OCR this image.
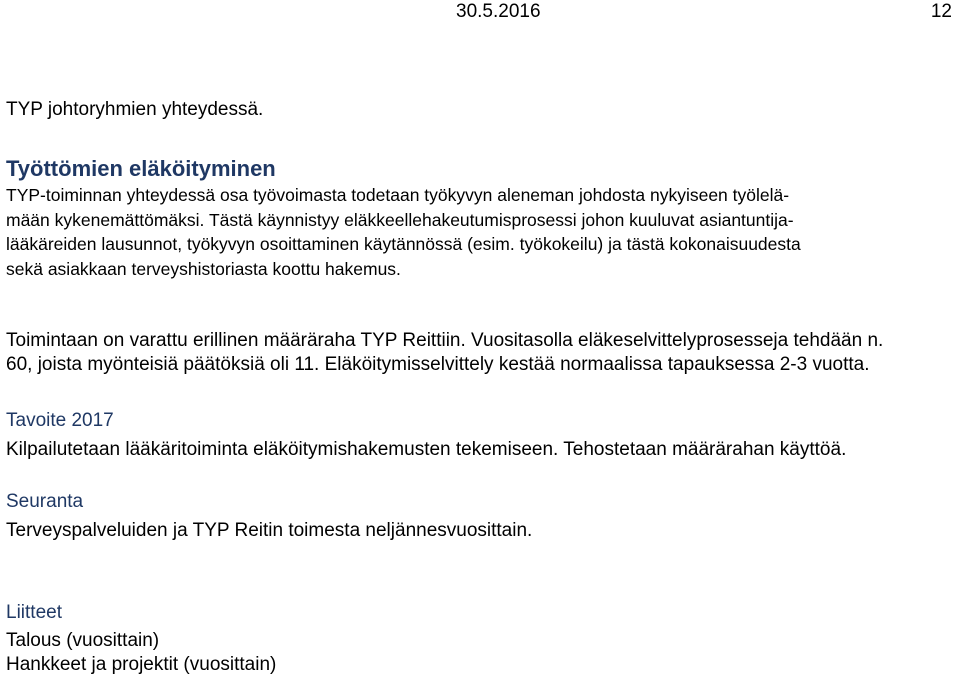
30.5.2016	12
TYP johtoryhmien yhteydessä.
Työttömien eläköityminen
TYP-toiminnan yhteydessä osa työvoimasta todetaan työkyvyn aleneman johdosta nykyiseen työlelä-
mään kykenemättömäksi. Tästä käynnistyy eläkkeellehakeutumisprosessi johon kuuluvat asiantuntija-
lääkäreiden lausunnot, työkyvyn osoittaminen käytännössä (esim. työkokeilu) ja tästä kokonaisuudesta
sekä asiakkaan terveyshistoriasta koottu hakemus.
Toimintaan on varattu erillinen määräraha TYP Reittiin. Vuositasolla eläkeselvittelyprosesseja tehdään n.
60, joista myönteisiä päätöksiä oli 11. Eläköitymisselvittely kestää normaalissa tapauksessa 2-3 vuotta.
Tavoite 2017
Kilpailutetaan lääkäritoiminta eläköitymishakemusten tekemiseen. Tehostetaan määrärahan käyttöä.
Seuranta
Terveyspalveluiden ja TYP Reitin toimesta neljännesvuosittain.
Liitteet
Talous (vuosittain)
Hankkeet ja projektit (vuosittain)
